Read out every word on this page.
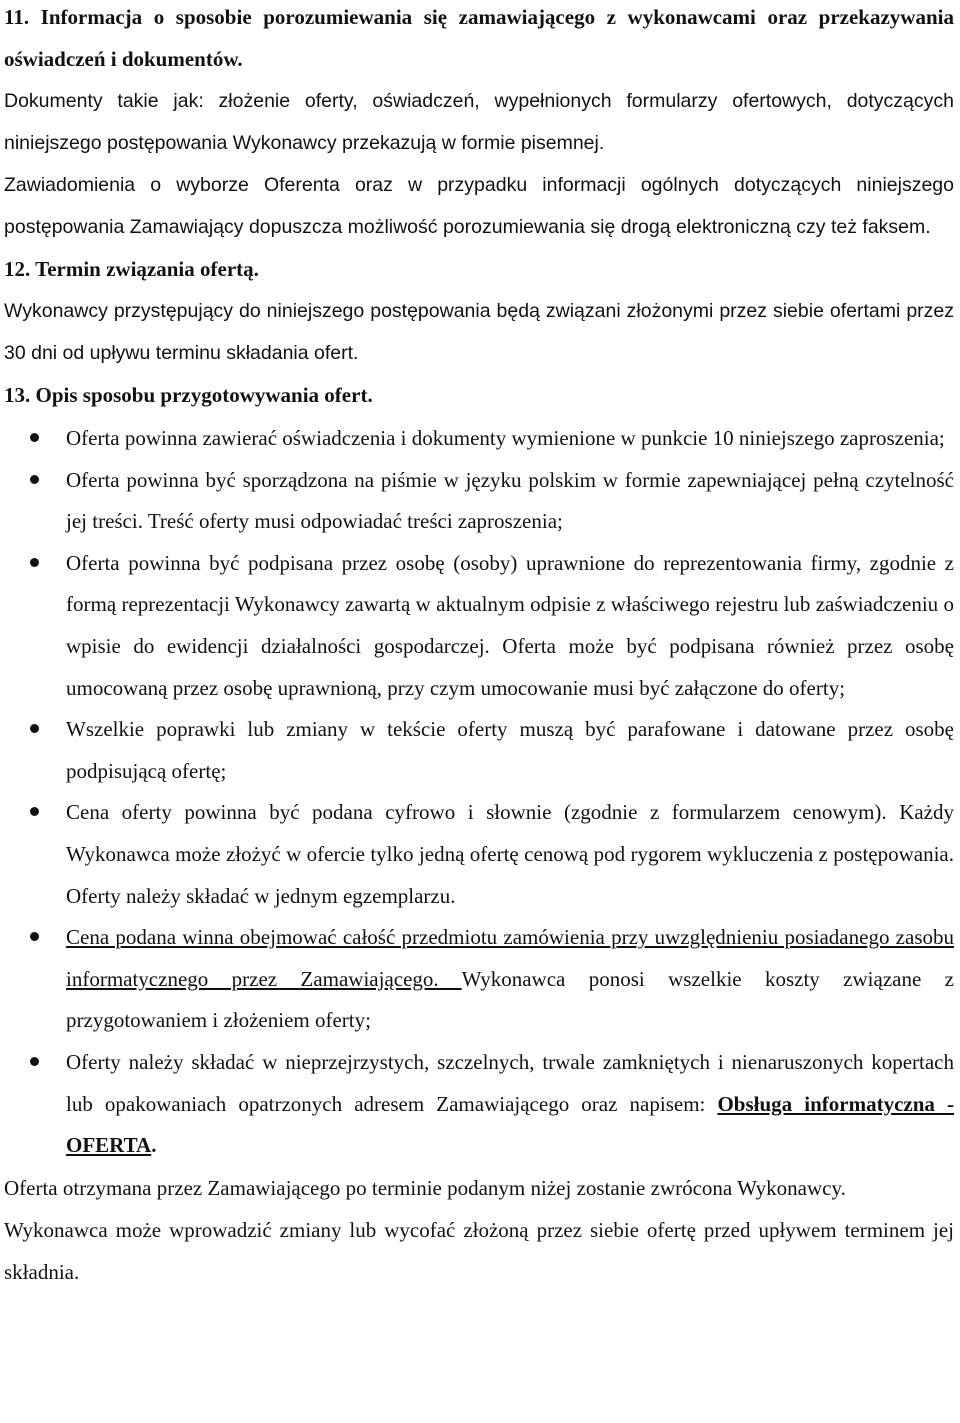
11. Informacja o sposobie porozumiewania się zamawiającego z wykonawcami oraz przekazywania oświadczeń i dokumentów.

Dokumenty takie jak: złożenie oferty, oświadczeń, wypełnionych formularzy ofertowych, dotyczących niniejszego postępowania Wykonawcy przekazują w formie pisemnej.

Zawiadomienia o wyborze Oferenta oraz w przypadku informacji ogólnych dotyczących niniejszego postępowania Zamawiający dopuszcza możliwość porozumiewania się drogą elektroniczną czy też faksem.

12. Termin związania ofertą.

Wykonawcy przystępujący do niniejszego postępowania będą związani złożonymi przez siebie ofertami przez 30 dni od upływu terminu składania ofert.

13. Opis sposobu przygotowywania ofert.

Oferta powinna zawierać oświadczenia i dokumenty wymienione w punkcie 10 niniejszego zaproszenia;
Oferta powinna być sporządzona na piśmie w języku polskim w formie zapewniającej pełną czytelność jej treści. Treść oferty musi odpowiadać treści zaproszenia;
Oferta powinna być podpisana przez osobę (osoby) uprawnione do reprezentowania firmy, zgodnie z formą reprezentacji Wykonawcy zawartą w aktualnym odpisie z właściwego rejestru lub zaświadczeniu o wpisie do ewidencji działalności gospodarczej. Oferta może być podpisana również przez osobę umocowaną przez osobę uprawnioną, przy czym umocowanie musi być załączone do oferty;
Wszelkie poprawki lub zmiany w tekście oferty muszą być parafowane i datowane przez osobę podpisującą ofertę;
Cena oferty powinna być podana cyfrowo i słownie (zgodnie z formularzem cenowym). Każdy Wykonawca może złożyć w ofercie tylko jedną ofertę cenową pod rygorem wykluczenia z postępowania. Oferty należy składać w jednym egzemplarzu.
Cena podana winna obejmować całość przedmiotu zamówienia przy uwzględnieniu posiadanego zasobu informatycznego przez Zamawiającego. Wykonawca ponosi wszelkie koszty związane z przygotowaniem i złożeniem oferty;
Oferty należy składać w nieprzejrzystych, szczelnych, trwale zamkniętych i nienaruszonych kopertach lub opakowaniach opatrzonych adresem Zamawiającego oraz napisem: Obsługa informatyczna - OFERTA.

Oferta otrzymana przez Zamawiającego po terminie podanym niżej zostanie zwrócona Wykonawcy.

Wykonawca może wprowadzić zmiany lub wycofać złożoną przez siebie ofertę przed upływem terminem jej składnia.
